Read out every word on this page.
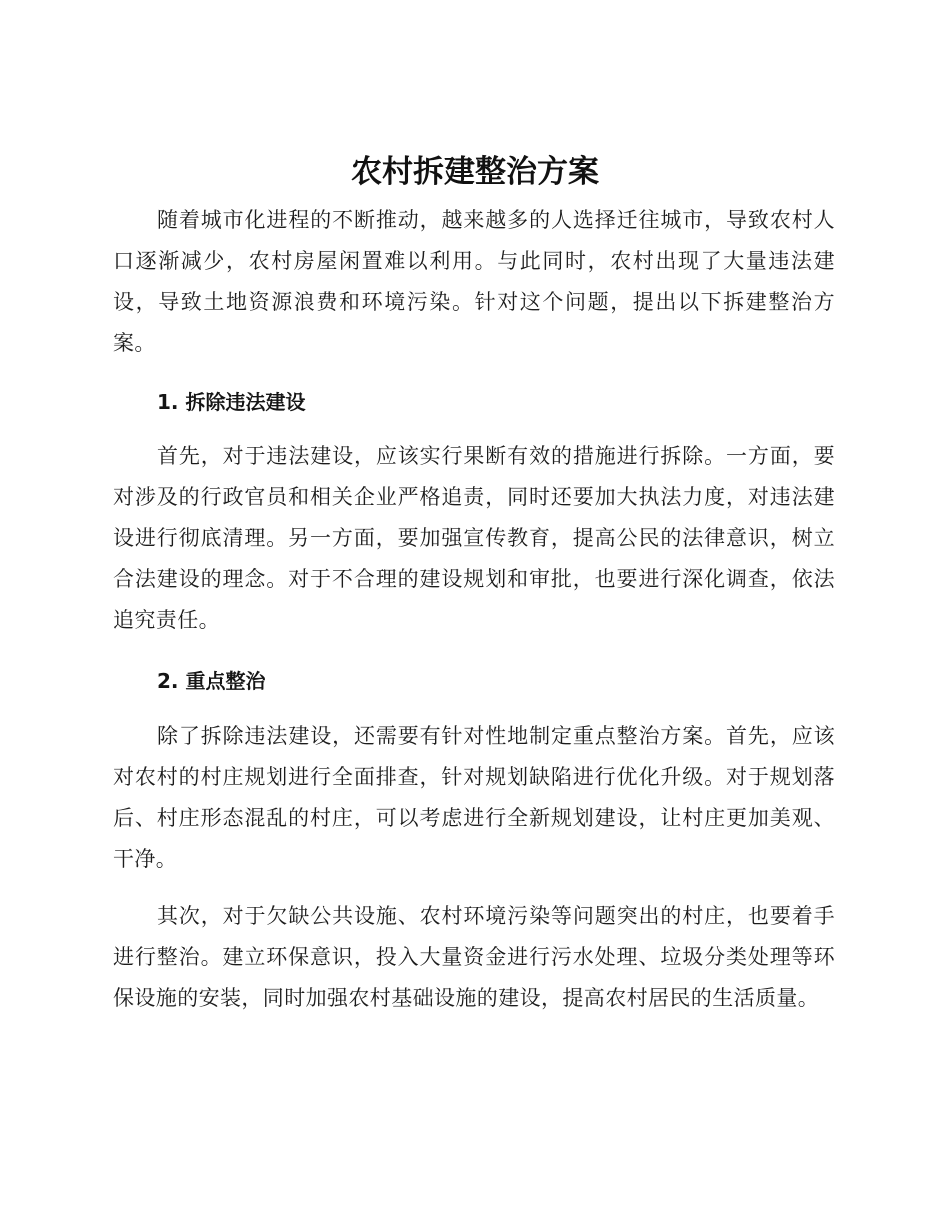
农村拆建整治方案

随着城市化进程的不断推动，越来越多的人选择迁往城市，导致农村人口逐渐减少，农村房屋闲置难以利用。与此同时，农村出现了大量违法建设，导致土地资源浪费和环境污染。针对这个问题，提出以下拆建整治方案。

1. 拆除违法建设

首先，对于违法建设，应该实行果断有效的措施进行拆除。一方面，要对涉及的行政官员和相关企业严格追责，同时还要加大执法力度，对违法建设进行彻底清理。另一方面，要加强宣传教育，提高公民的法律意识，树立合法建设的理念。对于不合理的建设规划和审批，也要进行深化调查，依法追究责任。

2. 重点整治

除了拆除违法建设，还需要有针对性地制定重点整治方案。首先，应该对农村的村庄规划进行全面排查，针对规划缺陷进行优化升级。对于规划落后、村庄形态混乱的村庄，可以考虑进行全新规划建设，让村庄更加美观、干净。

其次，对于欠缺公共设施、农村环境污染等问题突出的村庄，也要着手进行整治。建立环保意识，投入大量资金进行污水处理、垃圾分类处理等环保设施的安装，同时加强农村基础设施的建设，提高农村居民的生活质量。
